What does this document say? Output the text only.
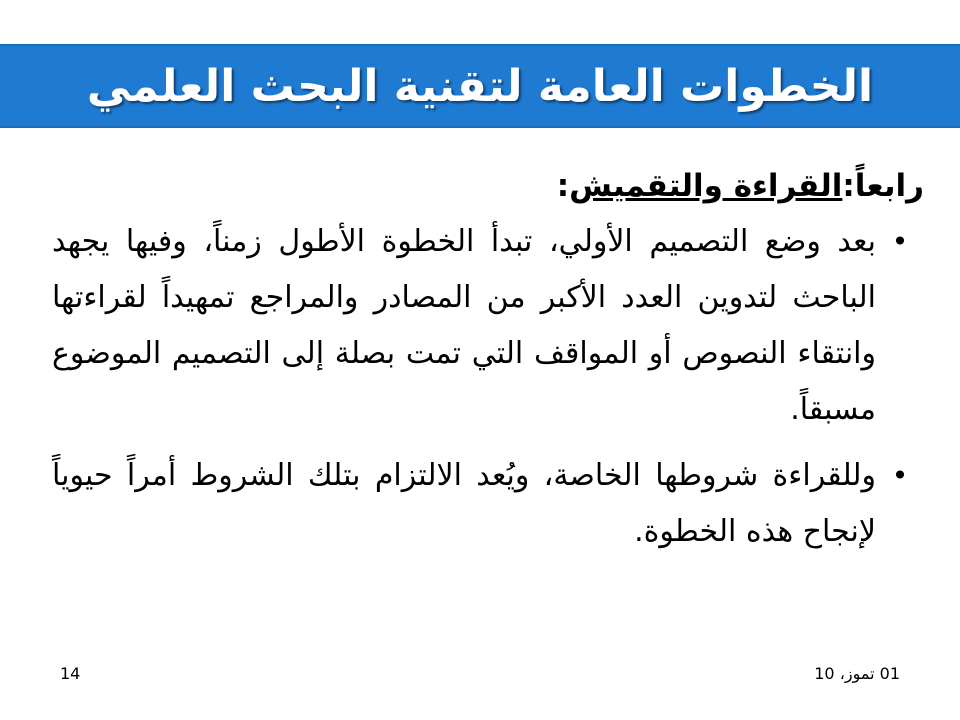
الخطوات العامة لتقنية البحث العلمي
رابعاً:القراءة والتقميش:
•
بعد وضع التصميم الأولي، تبدأ الخطوة الأطول زمناً، وفيها يجهد الباحث لتدوين العدد الأكبر من المصادر والمراجع تمهيداً لقراءتها وانتقاء النصوص أو المواقف التي تمت بصلة إلى التصميم الموضوع مسبقاً.
•
وللقراءة شروطها الخاصة، ويُعد الالتزام بتلك الشروط أمراً حيوياً لإنجاح هذه الخطوة.
14	01 تموز، 10
